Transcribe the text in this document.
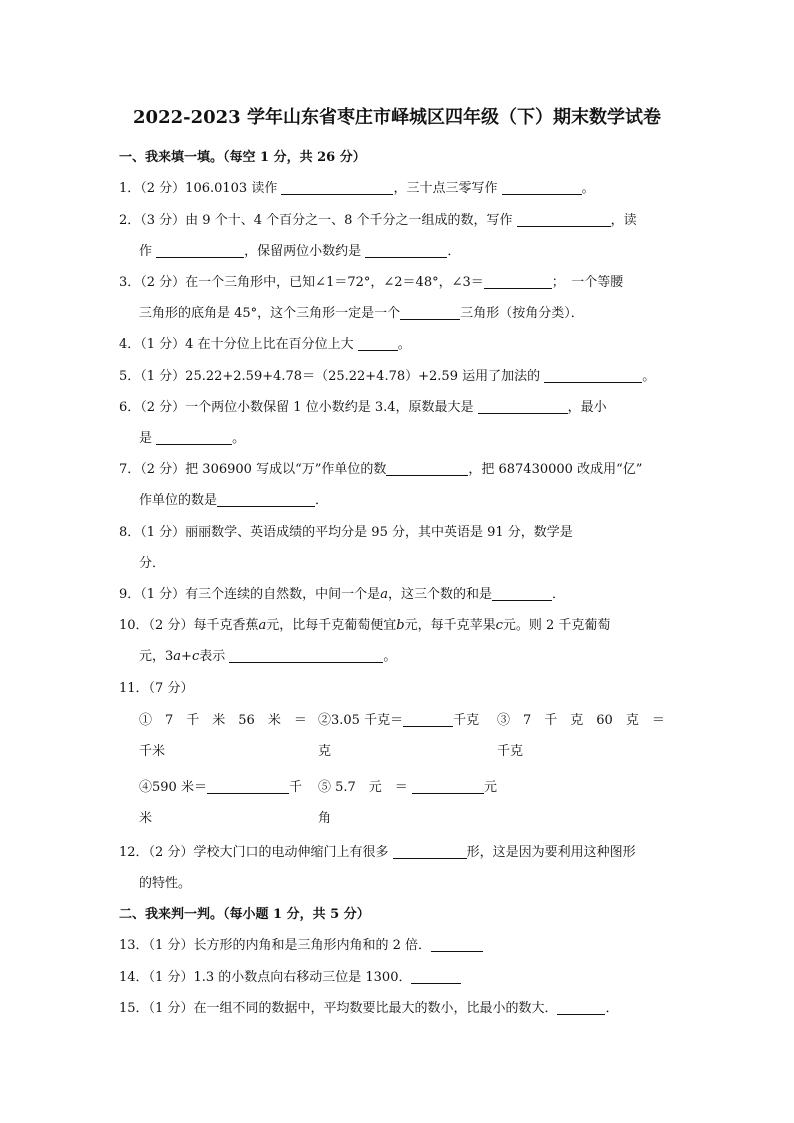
2022-2023 学年山东省枣庄市峄城区四年级（下）期末数学试卷
一、我来填一填。（每空 1 分，共 26 分）
1．（2 分）106.0103 读作	，三十点三零写作	。
2．（3 分）由 9 个十、4 个百分之一、8 个千分之一组成的数，写作	，读
作	，保留两位小数约是	．
3．（2 分）在一个三角形中，已知∠1＝72°，∠2＝48°，∠3＝	；　一个等腰
三角形的底角是 45°，这个三角形一定是一个	三角形（按角分类）．
4．（1 分）4 在十分位上比在百分位上大	。
5．（1 分）25.22+2.59+4.78＝（25.22+4.78）+2.59 运用了加法的	。
6．（2 分）一个两位小数保留 1 位小数约是 3.4，原数最大是	，最小
是	。
7．（2 分）把 306900 写成以“万”作单位的数	，把 687430000 改成用“亿”
作单位的数是	．
8．（1 分）丽丽数学、英语成绩的平均分是 95 分，其中英语是 91 分，数学是
分．
9．（1 分）有三个连续的自然数，中间一个是a，这三个数的和是	．
10．（2 分）每千克香蕉a元，比每千克葡萄便宜b元，每千克苹果c元。则 2 千克葡萄
元，3a+c表示	。
11．（7 分）
①　7　千　米　56　米　＝
千米
②3.05 千克＝	千克
克
③　7　千　克　60　克　＝
千克
④590 米＝	千
米
⑤ 5.7　元　＝	元
角
12．（2 分）学校大门口的电动伸缩门上有很多	形，这是因为要利用这种图形
的特性。
二、我来判一判。（每小题 1 分，共 5 分）
13．（1 分）长方形的内角和是三角形内角和的 2 倍．
14．（1 分）1.3 的小数点向右移动三位是 1300．
15．（1 分）在一组不同的数据中，平均数要比最大的数小，比最小的数大．	．
